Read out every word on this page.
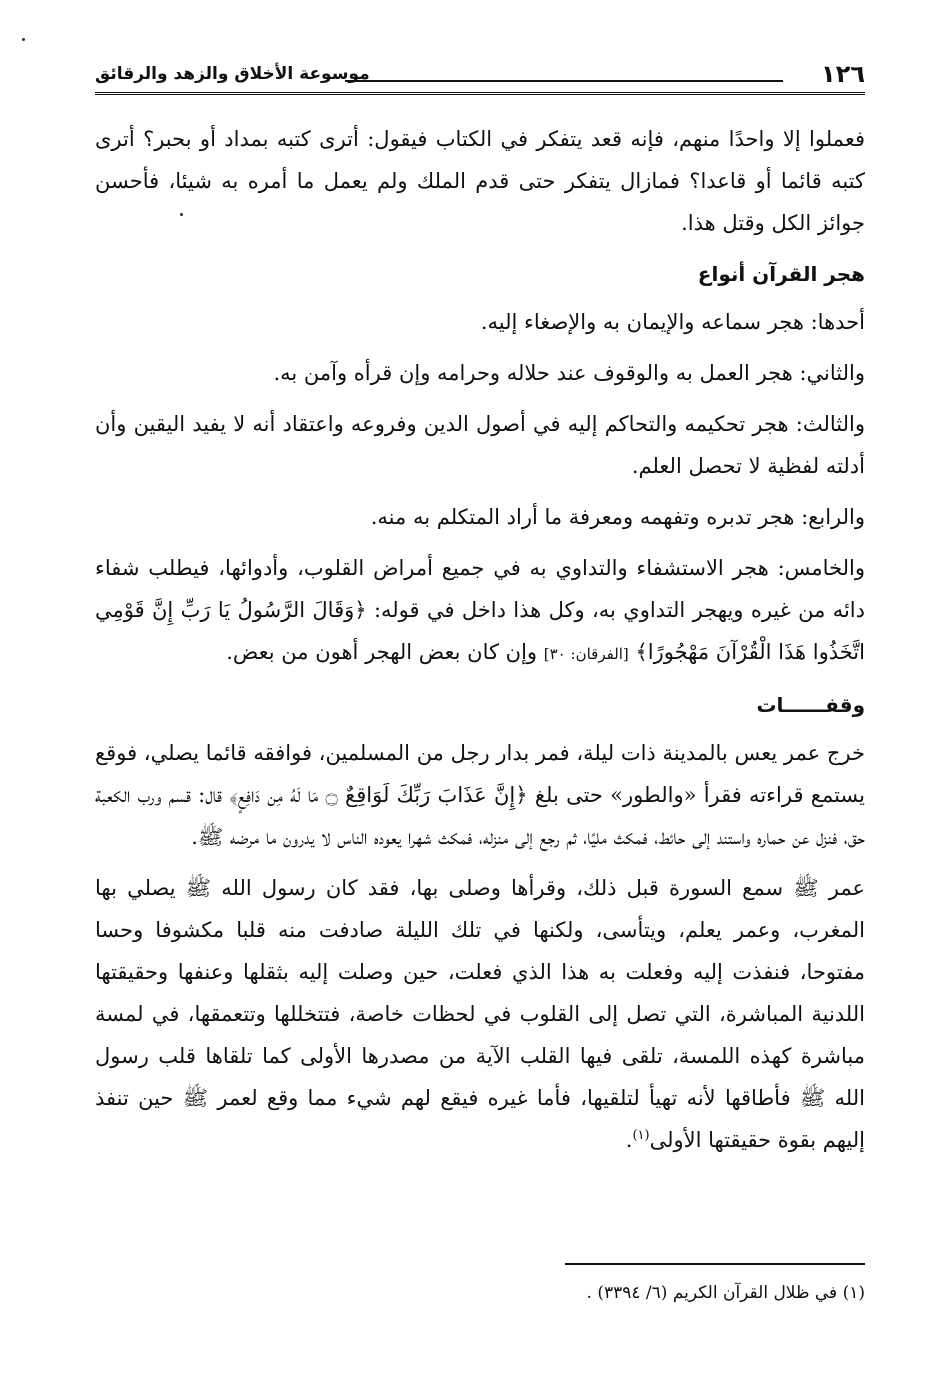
١٢٦
موسوعة الأخلاق والزهد والرقائق

فعملوا إلا واحدًا منهم، فإنه قعد يتفكر في الكتاب فيقول: أترى كتبه بمداد أو بحبر؟ أترى كتبه قائما أو قاعدا؟ فمازال يتفكر حتى قدم الملك ولم يعمل ما أمره به شيئا، فأحسن جوائز الكل وقتل هذا.

هجر القرآن أنواع

أحدها: هجر سماعه والإيمان به والإصغاء إليه.

والثاني: هجر العمل به والوقوف عند حلاله وحرامه وإن قرأه وآمن به.

والثالث: هجر تحكيمه والتحاكم إليه في أصول الدين وفروعه واعتقاد أنه لا يفيد اليقين وأن أدلته لفظية لا تحصل العلم.

والرابع: هجر تدبره وتفهمه ومعرفة ما أراد المتكلم به منه.

والخامس: هجر الاستشفاء والتداوي به في جميع أمراض القلوب، وأدوائها، فيطلب شفاء دائه من غيره ويهجر التداوي به، وكل هذا داخل في قوله: ﴿وَقَالَ الرَّسُولُ يَا رَبِّ إِنَّ قَوْمِي اتَّخَذُوا هَذَا الْقُرْآنَ مَهْجُورًا﴾ [الفرقان: ٣٠] وإن كان بعض الهجر أهون من بعض.

وقفــــــات

خرج عمر يعس بالمدينة ذات ليلة، فمر بدار رجل من المسلمين، فوافقه قائما يصلي، فوقع يستمع قراءته فقرأ «والطور» حتى بلغ ﴿إِنَّ عَذَابَ رَبِّكَ لَوَاقِعٌ ۝ مَا لَهُ مِن دَافِعٍ﴾ قال: قسم ورب الكعبة حق، فنزل عن حماره واستند إلى حائط، فمكث مليًا، ثم رجع إلى منزله، فمكث شهرا يعوده الناس لا يدرون ما مرضه ﷺ.

عمر ﷺ سمع السورة قبل ذلك، وقرأها وصلى بها، فقد كان رسول الله ﷺ يصلي بها المغرب، وعمر يعلم، ويتأسى، ولكنها في تلك الليلة صادفت منه قلبا مكشوفا وحسا مفتوحا، فنفذت إليه وفعلت به هذا الذي فعلت، حين وصلت إليه بثقلها وعنفها وحقيقتها اللدنية المباشرة، التي تصل إلى القلوب في لحظات خاصة، فتتخللها وتتعمقها، في لمسة مباشرة كهذه اللمسة، تلقى فيها القلب الآية من مصدرها الأولى كما تلقاها قلب رسول الله ﷺ فأطاقها لأنه تهيأ لتلقيها، فأما غيره فيقع لهم شيء مما وقع لعمر ﷺ حين تنفذ إليهم بقوة حقيقتها الأولى$^{(١)}$.

(١) في ظلال القرآن الكريم (٦/ ٣٣٩٤) .
